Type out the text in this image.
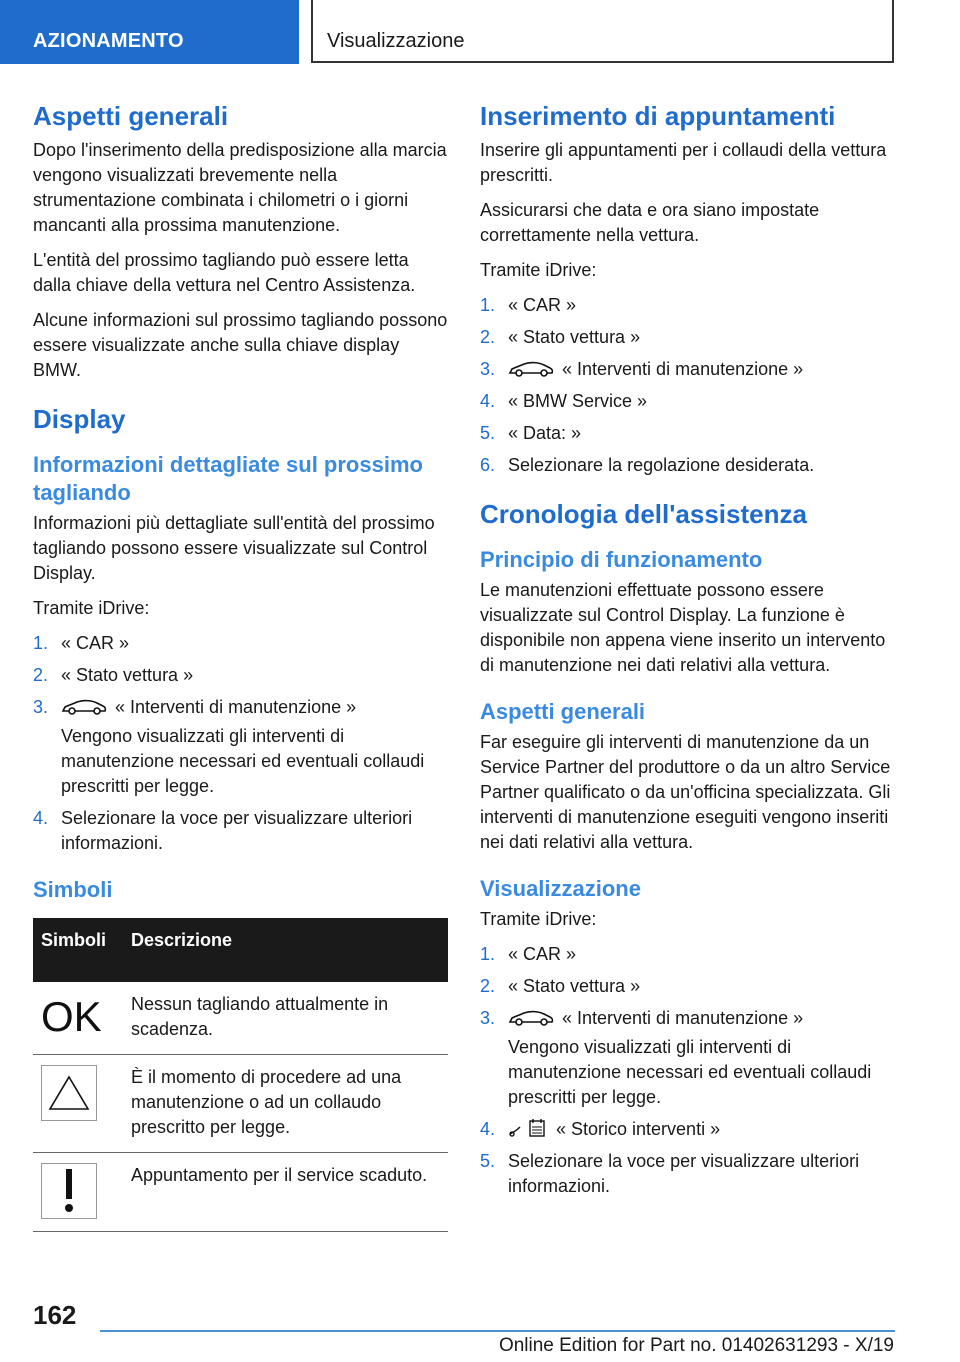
AZIONAMENTO	Visualizzazione
Aspetti generali

Dopo l'inserimento della predisposizione alla marcia vengono visualizzati brevemente nella strumentazione combinata i chilometri o i giorni mancanti alla prossima manutenzione.

L'entità del prossimo tagliando può essere letta dalla chiave della vettura nel Centro Assistenza.

Alcune informazioni sul prossimo tagliando possono essere visualizzate anche sulla chiave display BMW.

Display
Informazioni dettagliate sul prossimo tagliando

Informazioni più dettagliate sull'entità del prossimo tagliando possono essere visualizzate sul Control Display.

Tramite iDrive:

1. « CAR »
2. « Stato vettura »
3.	« Interventi di manutenzione »
Vengono visualizzati gli interventi di manutenzione necessari ed eventuali collaudi prescritti per legge.
4. Selezionare la voce per visualizzare ulteriori informazioni.
Simboli
Simboli	Descrizione

OK	Nessun tagliando attualmente in scadenza.

	È il momento di procedere ad una manutenzione o ad un collaudo prescritto per legge.

	Appuntamento per il service scaduto.
Inserimento di appuntamenti

Inserire gli appuntamenti per i collaudi della vettura prescritti.

Assicurarsi che data e ora siano impostate correttamente nella vettura.

Tramite iDrive:

1. « CAR »
2. « Stato vettura »
3.	« Interventi di manutenzione »
4. « BMW Service »
5. « Data: »
6. Selezionare la regolazione desiderata.
Cronologia dell'assistenza
Principio di funzionamento

Le manutenzioni effettuate possono essere visualizzate sul Control Display. La funzione è disponibile non appena viene inserito un intervento di manutenzione nei dati relativi alla vettura.

Aspetti generali

Far eseguire gli interventi di manutenzione da un Service Partner del produttore o da un altro Service Partner qualificato o da un'officina specializzata. Gli interventi di manutenzione eseguiti vengono inseriti nei dati relativi alla vettura.

Visualizzazione

Tramite iDrive:

1. « CAR »
2. « Stato vettura »
3.	« Interventi di manutenzione »
Vengono visualizzati gli interventi di manutenzione necessari ed eventuali collaudi prescritti per legge.
4.	« Storico interventi »
5. Selezionare la voce per visualizzare ulteriori informazioni.
162
Online Edition for Part no. 01402631293 - X/19
